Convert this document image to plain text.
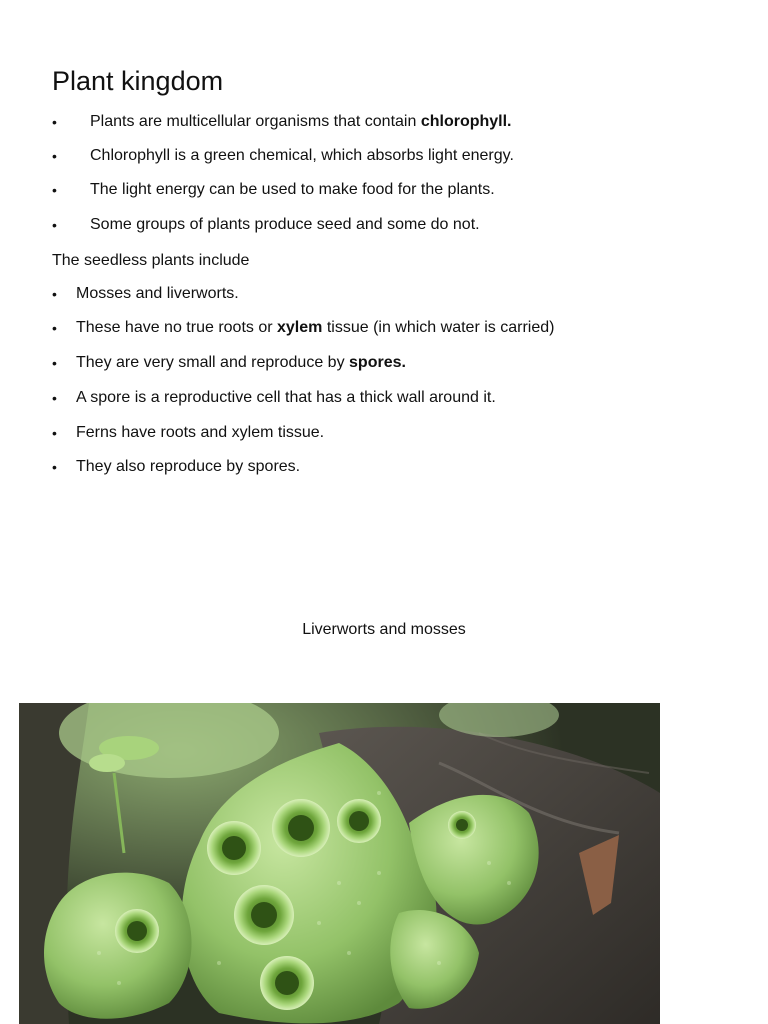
Plant kingdom
• Plants are multicellular organisms that contain chlorophyll.
• Chlorophyll is a green chemical, which absorbs light energy.
• The light energy can be used to make food for the plants.
• Some groups of plants produce seed and some do not.

The seedless plants include

• Mosses and liverworts.
• These have no true roots or xylem tissue (in which water is carried)
• They are very small and reproduce by spores.
• A spore is a reproductive cell that has a thick wall around it.
• Ferns have roots and xylem tissue.
• They also reproduce by spores.

Liverworts and mosses
